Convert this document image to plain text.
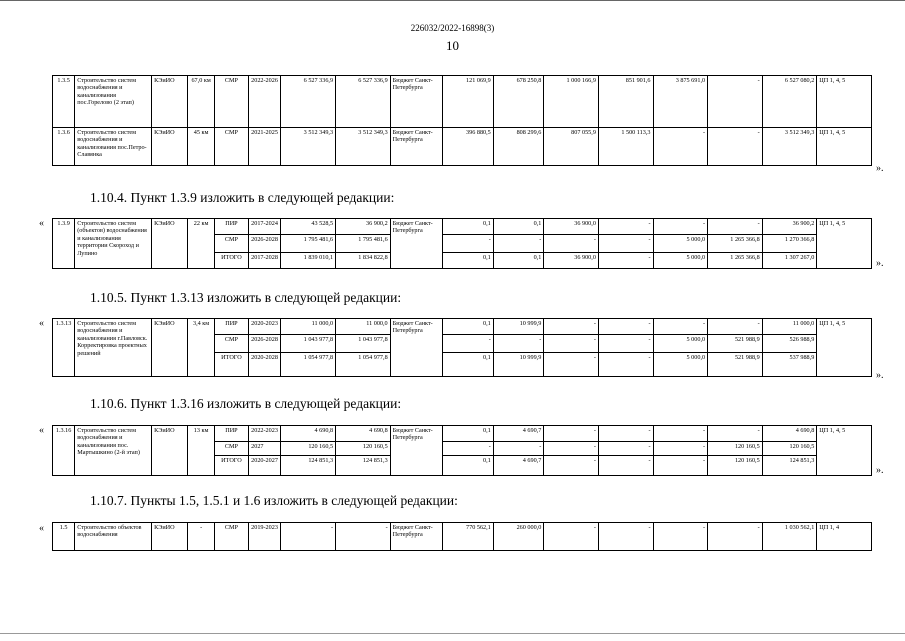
226032/2022-16898(3)
10
1.3.5	Строительство систем водоснабжения и канализования пос.Горелово (2 этап)	КЭиИО	67,0 км	СМР	2022-2026	6 527 336,9	6 527 336,9	Бюджет Санкт-Петербурга	121 069,9	678 250,8	1 000 166,9	851 901,6	3 875 691,0	-	6 527 080,2	ЦП 1, 4, 5
1.3.6	Строительство систем водоснабжения и канализования пос.Петро-Славянка	КЭиИО	45 км	СМР	2021-2025	3 512 349,3	3 512 349,3	Бюджет Санкт-Петербурга	396 880,5	808 299,6	807 055,9	1 500 113,3	-	-	3 512 349,3	ЦП 1, 4, 5
».
1.10.4. Пункт 1.3.9 изложить в следующей редакции:
« 1.3.9	Строительство систем (объектов) водоснабжения и канализования территории Скороход и Лупино	КЭиИО	22 км	ПИР	2017-2024	43 528,5	36 900,2	Бюджет Санкт-Петербурга	0,1	0,1	36 900,0	-	-	-	36 900,2	ЦП 1, 4, 5
				СМР	2026-2028	1 795 481,6	1 795 481,6		-	-	-	-	5 000,0	1 265 366,8	1 270 366,8	
				ИТОГО	2017-2028	1 839 010,1	1 834 822,8		0,1	0,1	36 900,0	-	5 000,0	1 265 366,8	1 307 267,0	
».
1.10.5. Пункт 1.3.13 изложить в следующей редакции:
« 1.3.13	Строительство систем водоснабжения и канализования г.Павловск. Корректировка проектных решений	КЭиИО	3,4 км	ПИР	2020-2023	11 000,0	11 000,0	Бюджет Санкт-Петербурга	0,1	10 999,9	-	-	-	-	11 000,0	ЦП 1, 4, 5
				СМР	2026-2028	1 043 977,8	1 043 977,8		-	-	-	-	5 000,0	521 988,9	526 988,9	
				ИТОГО	2020-2028	1 054 977,8	1 054 977,8		0,1	10 999,9	-	-	5 000,0	521 988,9	537 988,9	
».
1.10.6. Пункт 1.3.16 изложить в следующей редакции:
« 1.3.16	Строительство систем водоснабжения и канализования пос. Мартышкино (2-й этап)	КЭиИО	13 км	ПИР	2022-2023	4 690,8	4 690,8	Бюджет Санкт-Петербурга	0,1	4 690,7	-	-	-	-	4 690,8	ЦП 1, 4, 5
				СМР	2027	120 160,5	120 160,5		-	-	-	-	-	120 160,5	120 160,5	
				ИТОГО	2020-2027	124 851,3	124 851,3		0,1	4 690,7	-	-	-	120 160,5	124 851,3	
».
1.10.7. Пункты 1.5, 1.5.1 и 1.6 изложить в следующей редакции:
«	1.5	Строительство объектов водоснабжения	КЭиИО	-	СМР	2019-2023	-	-	Бюджет Санкт-Петербурга	770 562,1	260 000,0	-	-	-	-	1 030 562,1	ЦП 1, 4
